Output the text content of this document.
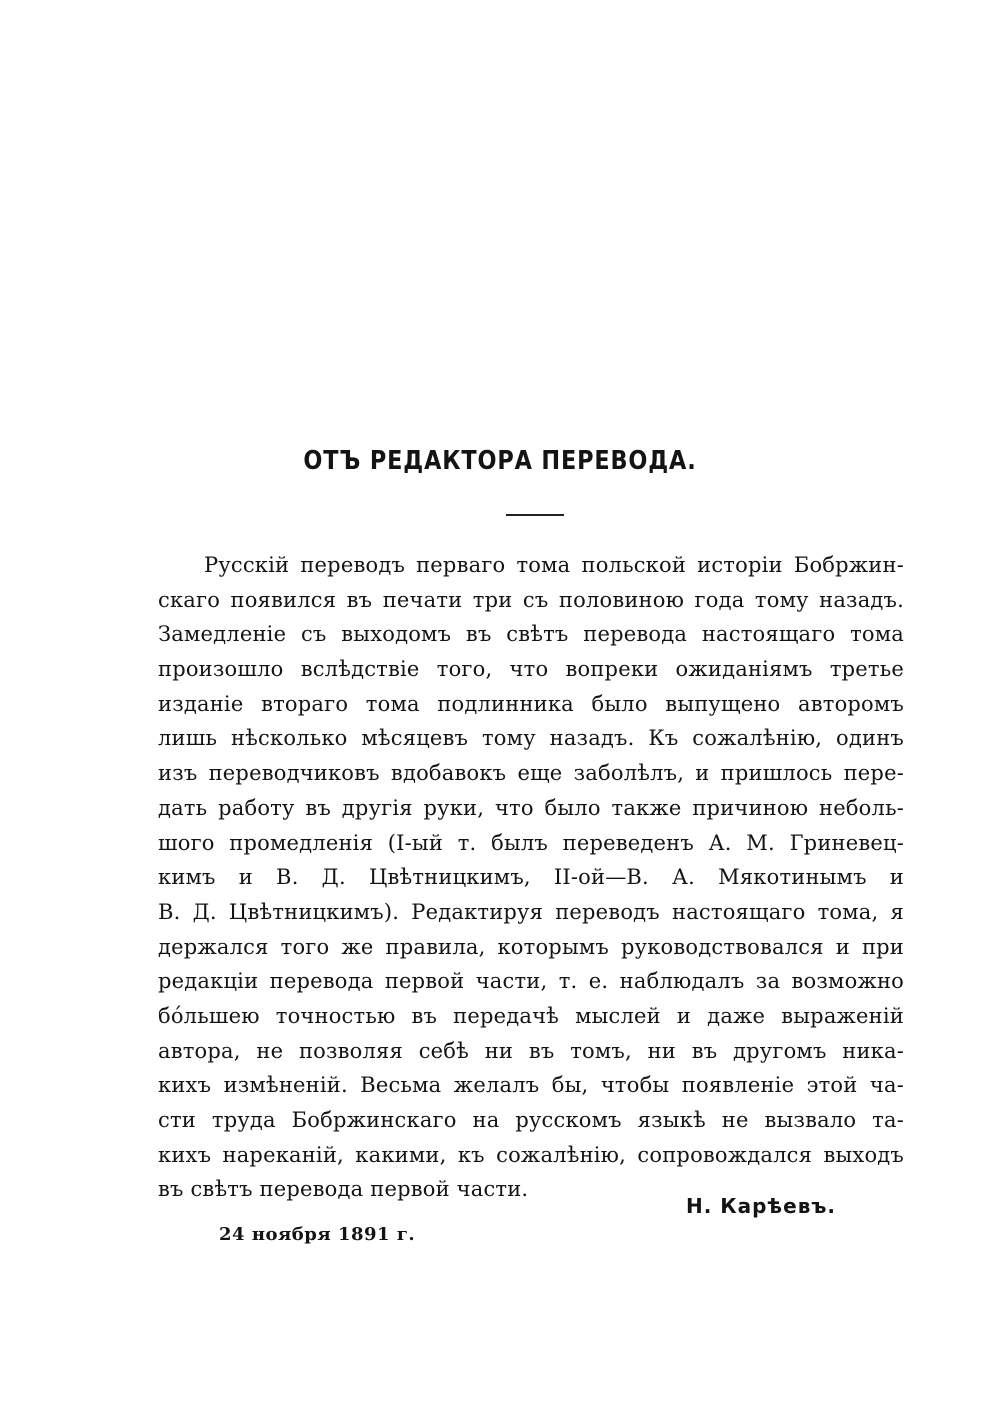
ОТЪ РЕДАКТОРА ПЕРЕВОДА.
Русскій переводъ перваго тома польской исторіи Бобржин-
скаго появился въ печати три съ половиною года тому назадъ.
Замедленіе съ выходомъ въ свѣтъ перевода настоящаго тома
произошло вслѣдствіе того, что вопреки ожиданіямъ третье
изданіе втораго тома подлинника было выпущено авторомъ
лишь нѣсколько мѣсяцевъ тому назадъ. Къ сожалѣнію, одинъ
изъ переводчиковъ вдобавокъ еще заболѣлъ, и пришлось пере-
дать работу въ другія руки, что было также причиною неболь-
шого промедленія (I-ый т. былъ переведенъ А. М. Гриневец-
кимъ и В. Д. Цвѣтницкимъ, II-ой—В. А. Мякотинымъ и
В. Д. Цвѣтницкимъ). Редактируя переводъ настоящаго тома, я
держался того же правила, которымъ руководствовался и при
редакціи перевода первой части, т. е. наблюдалъ за возможно
бо́льшею точностью въ передачѣ мыслей и даже выраженій
автора, не позволяя себѣ ни въ томъ, ни въ другомъ ника-
кихъ измѣненій. Весьма желалъ бы, чтобы появленіе этой ча-
сти труда Бобржинскаго на русскомъ языкѣ не вызвало та-
кихъ нареканій, какими, къ сожалѣнію, сопровождался выходъ
въ свѣтъ перевода первой части.
Н. Карѣевъ.
24 ноября 1891 г.
